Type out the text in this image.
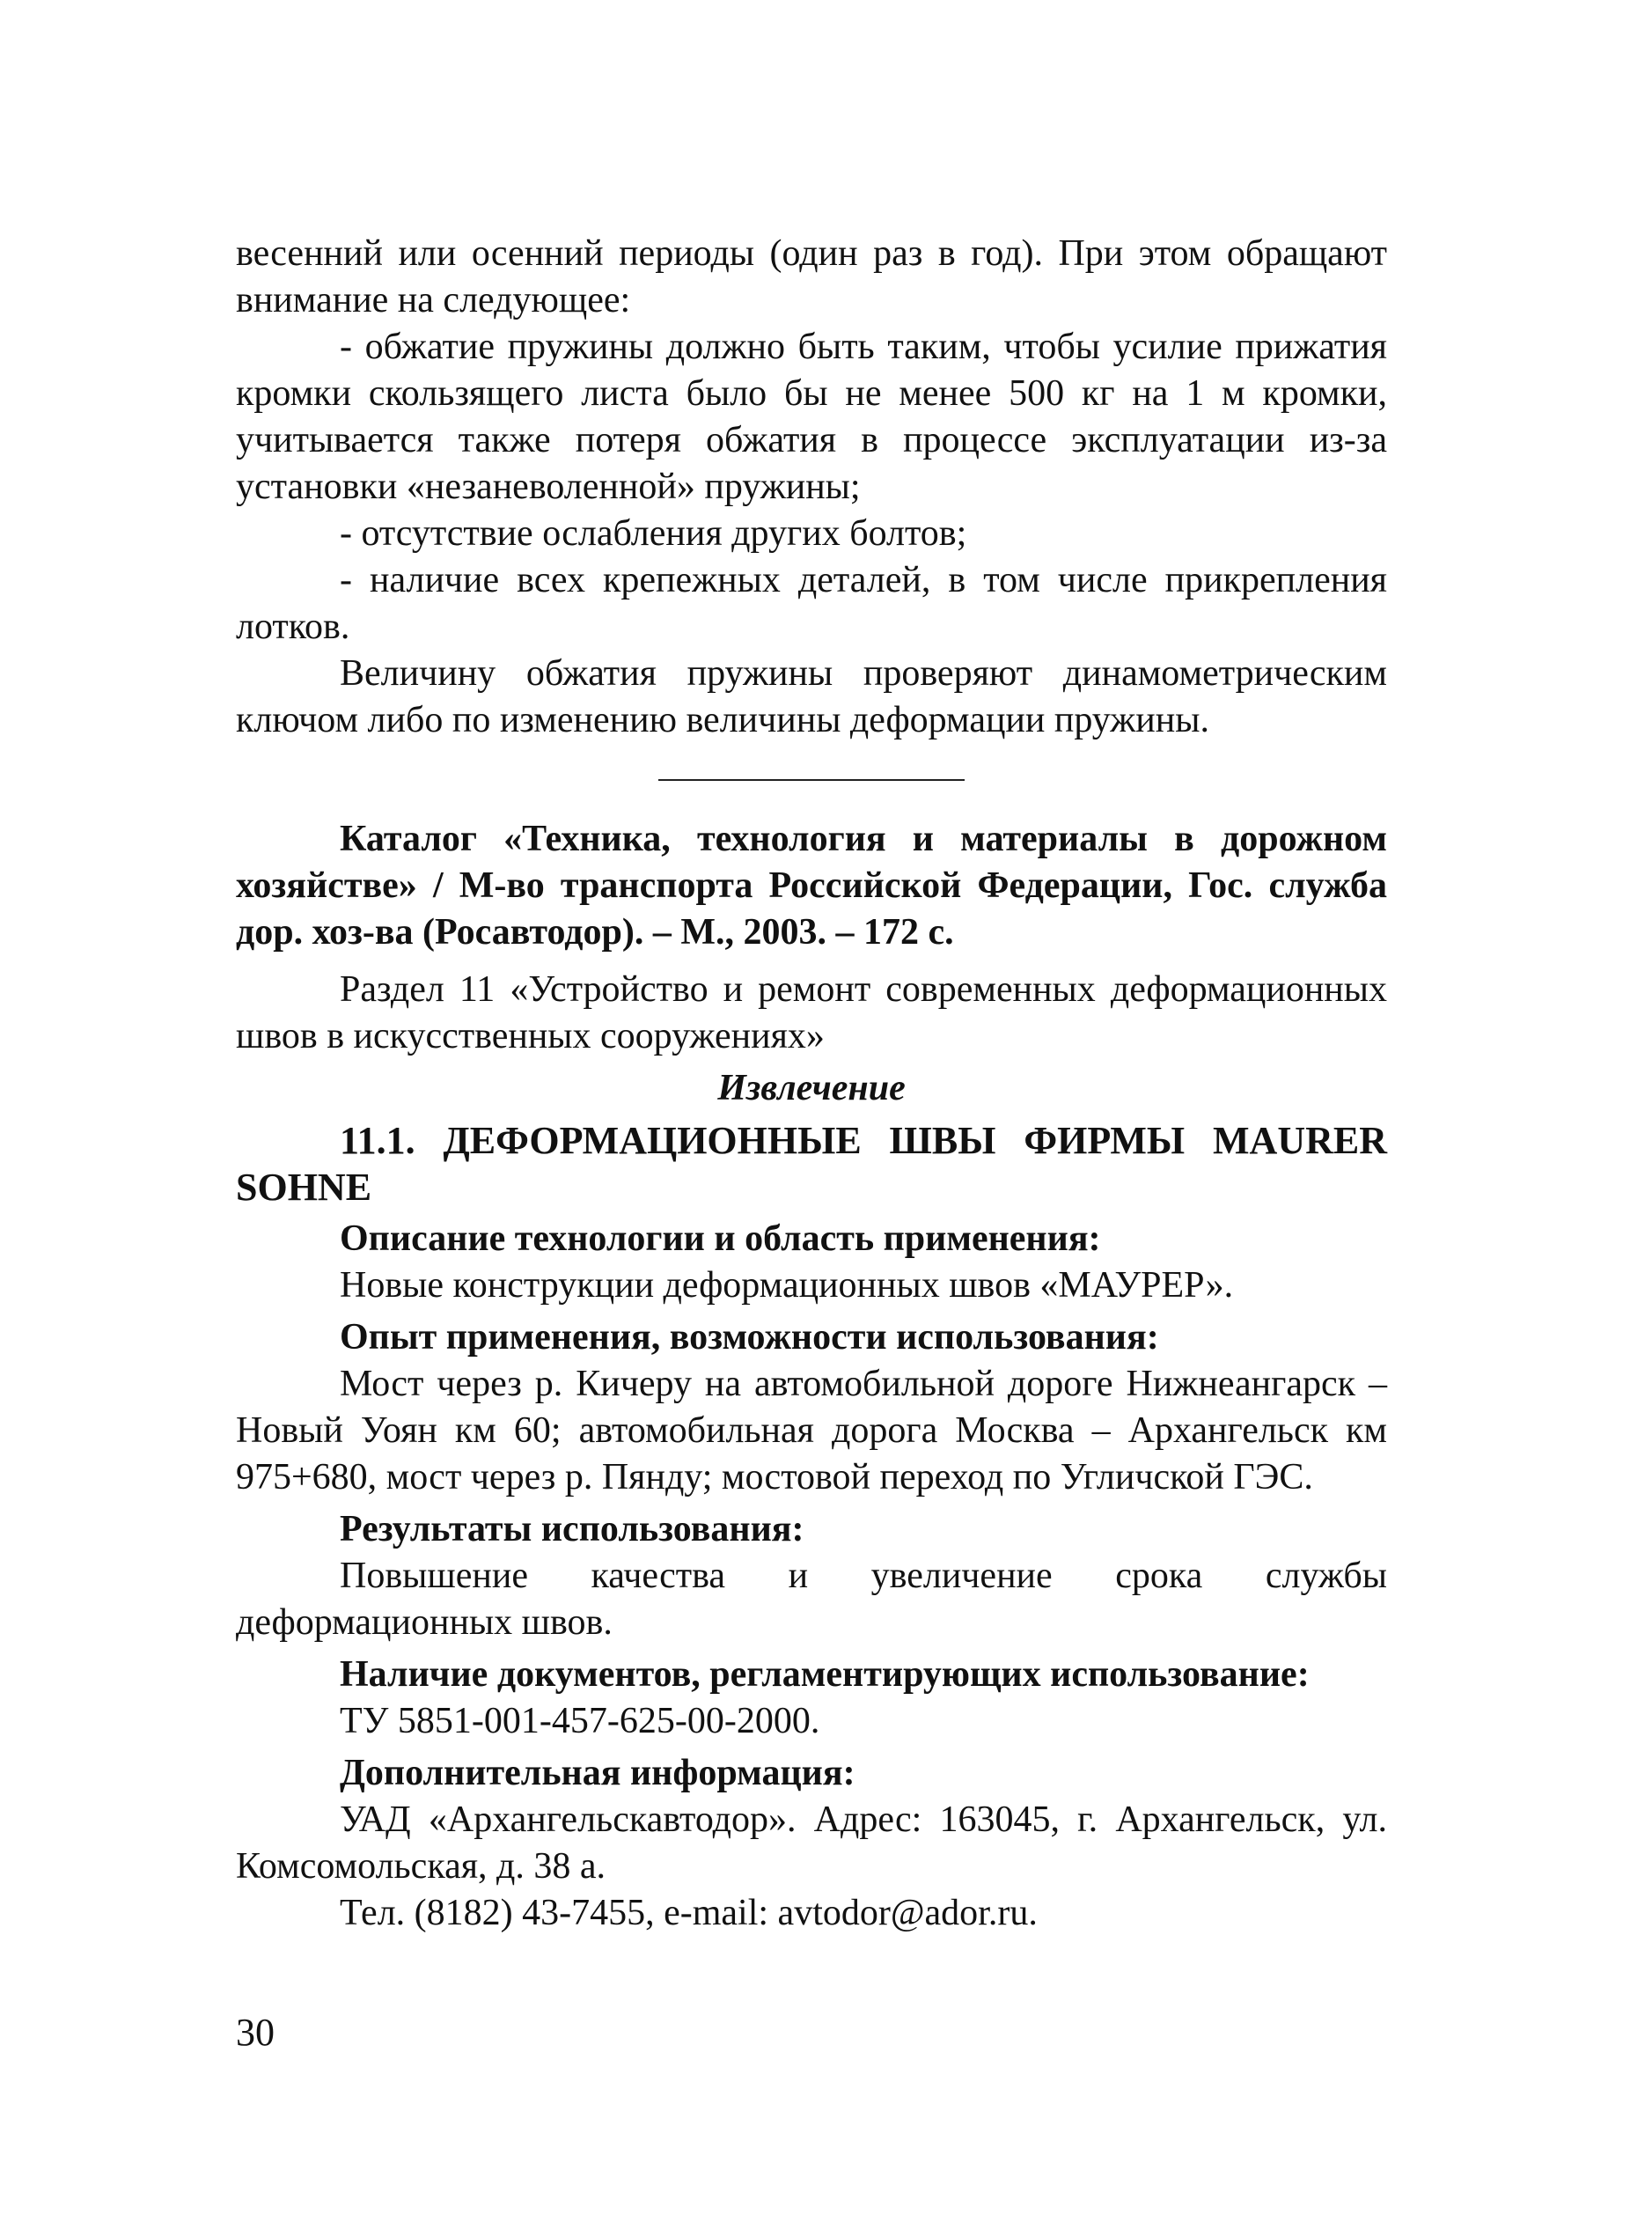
весенний или осенний периоды (один раз в год). При этом обращают внимание на следующее:

- обжатие пружины должно быть таким, чтобы усилие прижатия кромки скользящего листа было бы не менее 500 кг на 1 м кромки, учитывается также потеря обжатия в процессе эксплуатации из-за установки «незаневоленной» пружины;

- отсутствие ослабления других болтов;

- наличие всех крепежных деталей, в том числе прикрепления лотков.

Величину обжатия пружины проверяют динамометрическим ключом либо по изменению величины деформации пружины.

Каталог «Техника, технология и материалы в дорожном хозяйстве» / М-во транспорта Российской Федерации, Гос. служба дор. хоз-ва (Росавтодор). – М., 2003. – 172 с.

Раздел 11 «Устройство и ремонт современных деформационных швов в искусственных сооружениях»

Извлечение

11.1. ДЕФОРМАЦИОННЫЕ ШВЫ ФИРМЫ MAURER SOHNE

Описание технологии и область применения:

Новые конструкции деформационных швов «МАУРЕР».

Опыт применения, возможности использования:

Мост через р. Кичеру на автомобильной дороге Нижнеангарск – Новый Уоян км 60; автомобильная дорога Москва – Архангельск км 975+680, мост через р. Пянду; мостовой переход по Угличской ГЭС.

Результаты использования:

Повышение качества и увеличение срока службы деформационных швов.

Наличие документов, регламентирующих использование:

ТУ 5851-001-457-625-00-2000.

Дополнительная информация:

УАД «Архангельскавтодор». Адрес: 163045, г. Архангельск, ул. Комсомольская, д. 38 а.

Тел. (8182) 43-7455, e-mail: avtodor@ador.ru.

30
